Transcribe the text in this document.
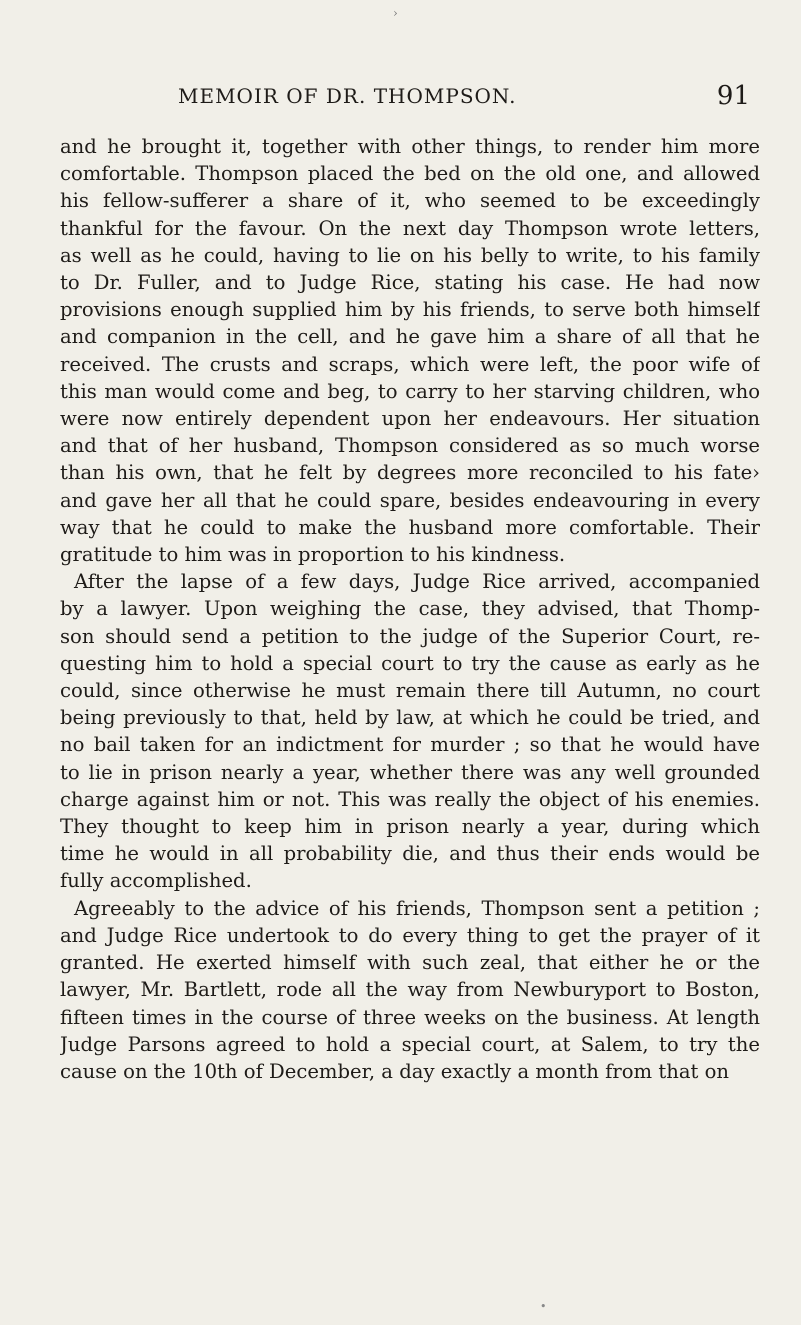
›
MEMOIR OF DR. THOMPSON.	91
and he brought it, together with other things, to render him more
comfortable. Thompson placed the bed on the old one, and allowed
his fellow-sufferer a share of it, who seemed to be exceedingly
thankful for the favour. On the next day Thompson wrote letters,
as well as he could, having to lie on his belly to write, to his family
to Dr. Fuller, and to Judge Rice, stating his case. He had now
provisions enough supplied him by his friends, to serve both himself
and companion in the cell, and he gave him a share of all that he
received. The crusts and scraps, which were left, the poor wife of
this man would come and beg, to carry to her starving children, who
were now entirely dependent upon her endeavours. Her situation
and that of her husband, Thompson considered as so much worse
than his own, that he felt by degrees more reconciled to his fate›
and gave her all that he could spare, besides endeavouring in every
way that he could to make the husband more comfortable. Their
gratitude to him was in proportion to his kindness.
After the lapse of a few days, Judge Rice arrived, accompanied
by a lawyer. Upon weighing the case, they advised, that Thomp-
son should send a petition to the judge of the Superior Court, re-
questing him to hold a special court to try the cause as early as he
could, since otherwise he must remain there till Autumn, no court
being previously to that, held by law, at which he could be tried, and
no bail taken for an indictment for murder ; so that he would have
to lie in prison nearly a year, whether there was any well grounded
charge against him or not. This was really the object of his enemies.
They thought to keep him in prison nearly a year, during which
time he would in all probability die, and thus their ends would be
fully accomplished.
Agreeably to the advice of his friends, Thompson sent a petition ;
and Judge Rice undertook to do every thing to get the prayer of it
granted. He exerted himself with such zeal, that either he or the
lawyer, Mr. Bartlett, rode all the way from Newburyport to Boston,
fifteen times in the course of three weeks on the business. At length
Judge Parsons agreed to hold a special court, at Salem, to try the
cause on the 10th of December, a day exactly a month from that on
•
